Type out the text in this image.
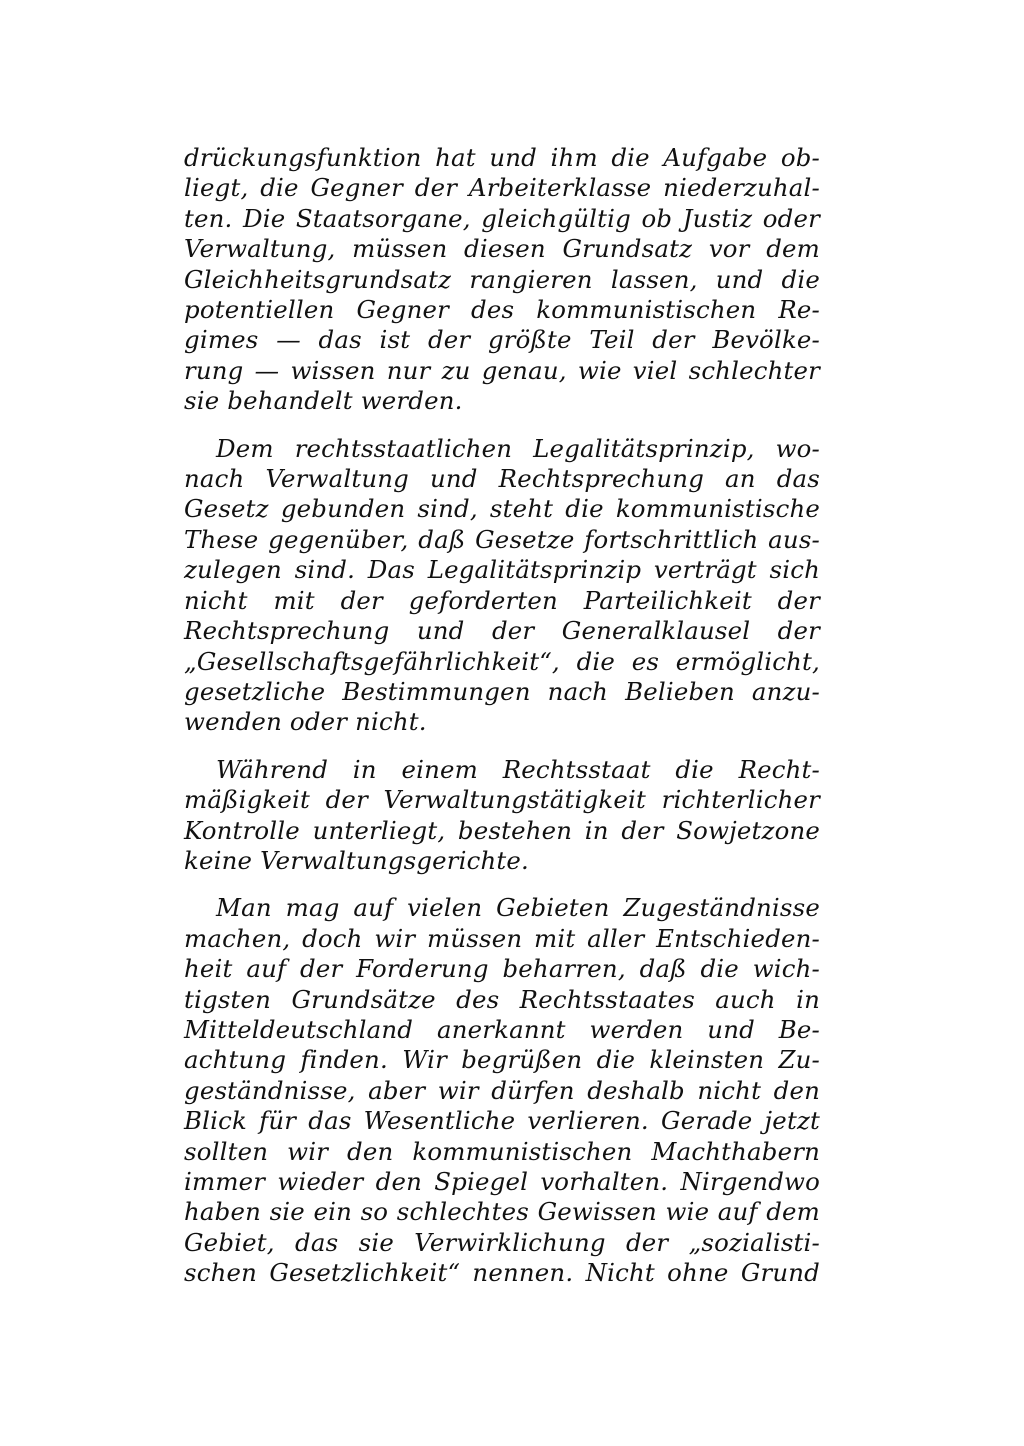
drückungsfunktion hat und ihm die Aufgabe ob-
liegt, die Gegner der Arbeiterklasse niederzuhal-
ten. Die Staatsorgane, gleichgültig ob Justiz oder
Verwaltung, müssen diesen Grundsatz vor dem
Gleichheitsgrundsatz rangieren lassen, und die
potentiellen Gegner des kommunistischen Re-
gimes — das ist der größte Teil der Bevölke-
rung — wissen nur zu genau, wie viel schlechter
sie behandelt werden.

Dem rechtsstaatlichen Legalitätsprinzip, wo-
nach Verwaltung und Rechtsprechung an das
Gesetz gebunden sind, steht die kommunistische
These gegenüber, daß Gesetze fortschrittlich aus-
zulegen sind. Das Legalitätsprinzip verträgt sich
nicht mit der geforderten Parteilichkeit der
Rechtsprechung und der Generalklausel der
„Gesellschaftsgefährlichkeit“, die es ermöglicht,
gesetzliche Bestimmungen nach Belieben anzu-
wenden oder nicht.

Während in einem Rechtsstaat die Recht-
mäßigkeit der Verwaltungstätigkeit richterlicher
Kontrolle unterliegt, bestehen in der Sowjetzone
keine Verwaltungsgerichte.

Man mag auf vielen Gebieten Zugeständnisse
machen, doch wir müssen mit aller Entschieden-
heit auf der Forderung beharren, daß die wich-
tigsten Grundsätze des Rechtsstaates auch in
Mitteldeutschland anerkannt werden und Be-
achtung finden. Wir begrüßen die kleinsten Zu-
geständnisse, aber wir dürfen deshalb nicht den
Blick für das Wesentliche verlieren. Gerade jetzt
sollten wir den kommunistischen Machthabern
immer wieder den Spiegel vorhalten. Nirgendwo
haben sie ein so schlechtes Gewissen wie auf dem
Gebiet, das sie Verwirklichung der „sozialisti-
schen Gesetzlichkeit“ nennen. Nicht ohne Grund
